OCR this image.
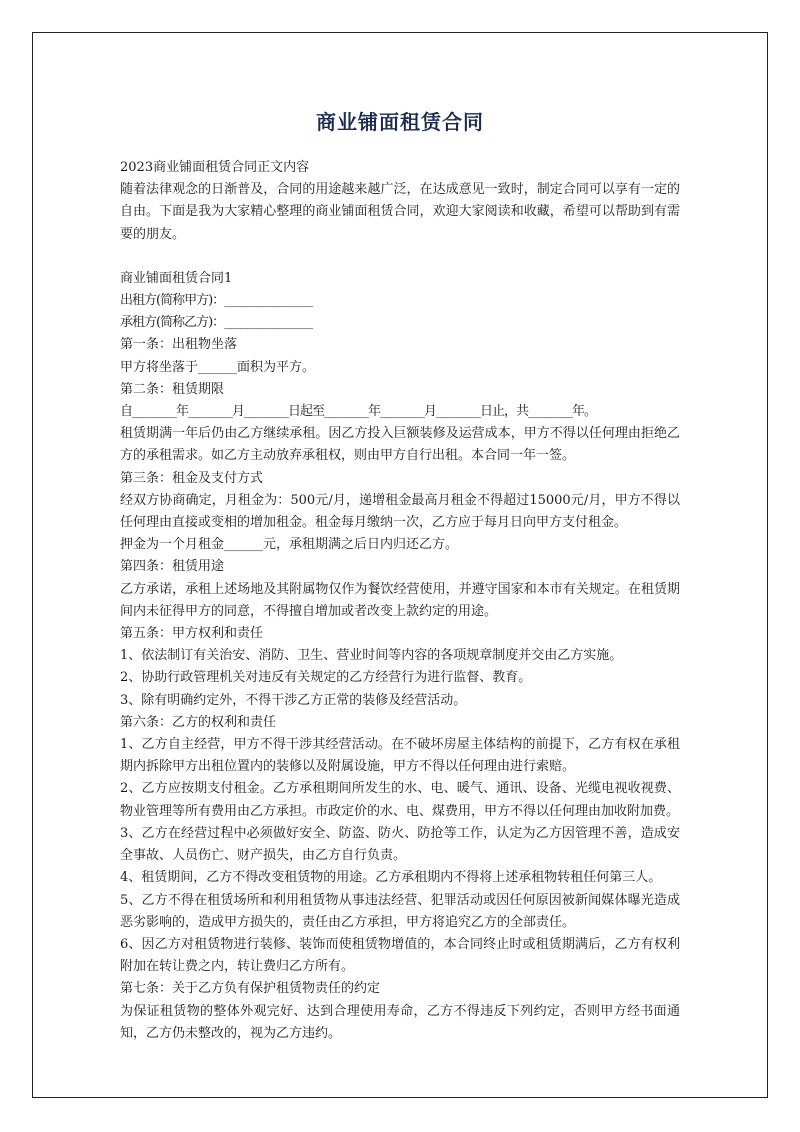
商业铺面租赁合同

2023商业铺面租赁合同正文内容

随着法律观念的日渐普及，合同的用途越来越广泛，在达成意见一致时，制定合同可以享有一定的自由。下面是我为大家精心整理的商业铺面租赁合同，欢迎大家阅读和收藏，希望可以帮助到有需要的朋友。

商业铺面租赁合同1

出租方(简称甲方)：________________

承租方(简称乙方)：________________

第一条：出租物坐落

甲方将坐落于______面积为平方。

第二条：租赁期限

自________年________月________日起至________年________月________日止，共________年。

租赁期满一年后仍由乙方继续承租。因乙方投入巨额装修及运营成本，甲方不得以任何理由拒绝乙方的承租需求。如乙方主动放弃承租权，则由甲方自行出租。本合同一年一签。

第三条：租金及支付方式

经双方协商确定，月租金为：500元/月，递增租金最高月租金不得超过15000元/月，甲方不得以任何理由直接或变相的增加租金。租金每月缴纳一次，乙方应于每月日向甲方支付租金。

押金为一个月租金______元，承租期满之后日内归还乙方。

第四条：租赁用途

乙方承诺，承租上述场地及其附属物仅作为餐饮经营使用，并遵守国家和本市有关规定。在租赁期间内未征得甲方的同意，不得擅自增加或者改变上款约定的用途。

第五条：甲方权利和责任

1、依法制订有关治安、消防、卫生、营业时间等内容的各项规章制度并交由乙方实施。

2、协助行政管理机关对违反有关规定的乙方经营行为进行监督、教育。

3、除有明确约定外，不得干涉乙方正常的装修及经营活动。

第六条：乙方的权利和责任

1、乙方自主经营，甲方不得干涉其经营活动。在不破坏房屋主体结构的前提下，乙方有权在承租期内拆除甲方出租位置内的装修以及附属设施，甲方不得以任何理由进行索赔。

2、乙方应按期支付租金。乙方承租期间所发生的水、电、暖气、通讯、设备、光缆电视收视费、物业管理等所有费用由乙方承担。市政定价的水、电、煤费用，甲方不得以任何理由加收附加费。

3、乙方在经营过程中必须做好安全、防盗、防火、防抢等工作，认定为乙方因管理不善，造成安全事故、人员伤亡、财产损失，由乙方自行负责。

4、租赁期间，乙方不得改变租赁物的用途。乙方承租期内不得将上述承租物转租任何第三人。

5、乙方不得在租赁场所和利用租赁物从事违法经营、犯罪活动或因任何原因被新闻媒体曝光造成恶劣影响的，造成甲方损失的，责任由乙方承担，甲方将追究乙方的全部责任。

6、因乙方对租赁物进行装修、装饰而使租赁物增值的，本合同终止时或租赁期满后，乙方有权利附加在转让费之内，转让费归乙方所有。

第七条：关于乙方负有保护租赁物责任的约定

为保证租赁物的整体外观完好、达到合理使用寿命，乙方不得违反下列约定，否则甲方经书面通知，乙方仍未整改的，视为乙方违约。
